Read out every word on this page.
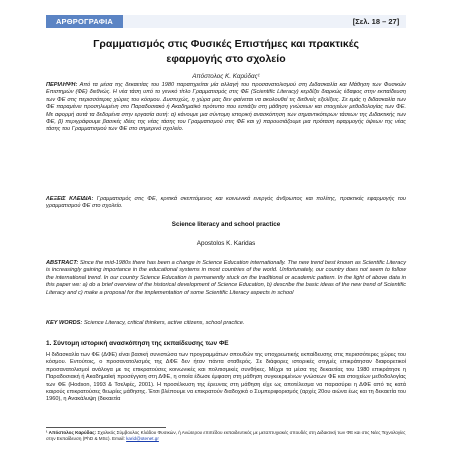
ΑΡΘΡΟΓΡΑΦΙΑ	[Σελ. 18 – 27]
Γραμματισμός στις Φυσικές Επιστήμες και πρακτικές
εφαρμογής στο σχολείο
Απόστολος Κ. Καρύδας¹
ΠΕΡΙΛΗΨΗ: Από τα μέσα της δεκαετίας του 1980 παρατηρείται μία αλλαγή του προσανατολισμού στη Διδασκαλία και Μάθηση των Φυσικών Επιστημών (ΦΕ) διεθνώς. Η νέα τάση υπό το γενικό τίτλο Γραμματισμός στις ΦΕ (Scientific Literacy) κερδίζει διαρκώς έδαφος στην εκπαίδευση των ΦΕ στις περισσότερες χώρες του κόσμου. Δυστυχώς, η χώρα μας δεν φαίνεται να ακολουθεί τις διεθνείς εξελίξεις. Σε εμάς η διδασκαλία των ΦΕ παραμένει προσηλωμένη στο Παραδοσιακό ή Ακαδημαϊκό πρότυπο που εστιάζει στη μάθηση γνώσεων και στοιχείων μεθοδολογίας των ΦΕ. Με αφορμή αυτά τα δεδομένα στην εργασία αυτή: α) κάνουμε μια σύντομη ιστορική ανασκόπηση των σημαντικότερων τάσεων της Διδακτικής των ΦΕ, β) περιγράφουμε βασικές ιδέες της νέας τάσης του Γραμματισμού στις ΦΕ και γ) παρουσιάζουμε μια πρόταση εφαρμογής όψεων της νέας τάσης του Γραμματισμού των ΦΕ στο σημερινό σχολείο.
ΛΕΞΕΙΣ ΚΛΕΙΔΙΑ: Γραμματισμός στις ΦΕ, κριτικά σκεπτόμενος και κοινωνικά ενεργός άνθρωπος και πολίτης, πρακτικές εφαρμογής του γραμματισμού ΦΕ στο σχολείο.
Science literacy and school practice
Apostolos K. Karidas
ABSTRACT: Since the mid-1980s there has been a change in Science Education internationally. The new trend best known as Scientific Literacy is increasingly gaining importance in the educational systems in most countries of the world. Unfortunately, our country does not seem to follow the international trend. In our country Science Education is permanently stuck on the traditional or academic pattern. In the light of above data in this paper we: a) do a brief overview of the historical development of Science Education, b) describe the basic ideas of the new trend of Scientific Literacy and c) make a proposal for the implementation of some Scientific Literacy aspects in school
KEY WORDS: Science Literacy, critical thinkers, active citizens, school practice.
1. Σύντομη ιστορική ανασκόπηση της εκπαίδευσης των ΦΕ
Η διδασκαλία των ΦΕ (ΔΦΕ) είναι βασική συνιστώσα των προγραμμάτων σπουδών της υποχρεωτικής εκπαίδευσης στις περισσότερες χώρες του κόσμου. Εντούτοις, ο προσανατολισμός της ΔΦΕ δεν ήταν πάντα σταθερός. Σε διάφορες ιστορικές στιγμές επικράτησαν διαφορετικοί προσανατολισμοί ανάλογα με τις επικρατούσες κοινωνικές και πολιτισμικές συνθήκες. Μέχρι τα μέσα της δεκαετίας του 1980 επικράτησε η Παραδοσιακή ή Ακαδημαϊκή προσέγγιση στη ΔΦΕ, η οποία έδωσε έμφαση στη μάθηση συγκεκριμένων γνώσεων ΦΕ και στοιχείων μεθοδολογίας των ΦΕ (Hodson, 1993 & Τσελφές, 2001). Η προσέλκυση της έρευνας στη μάθηση είχε ως αποτέλεσμα να παρασύρει η ΔΦΕ από τις κατά καιρούς επικρατούσες θεωρίες μάθησης. Έτσι βλέπουμε να επικρατούν διαδοχικά ο Συμπεριφορισμός (αρχές 20ου αιώνα έως και τη δεκαετία του 1960), η Ανακάλυψη (δεκαετία
¹ Απόστολος Καρύδας: Σχολικός Σύμβουλος Κλάδου Φυσικών, ή Ανώτερου επιπέδου εκπαιδευτικός με μεταπτυχιακές σπουδές στη Διδακτική των ΦΕ και στις Νέες Τεχνολογίες στην Εκπαίδευση (PhD & MSc). Email: karid@otenet.gr
